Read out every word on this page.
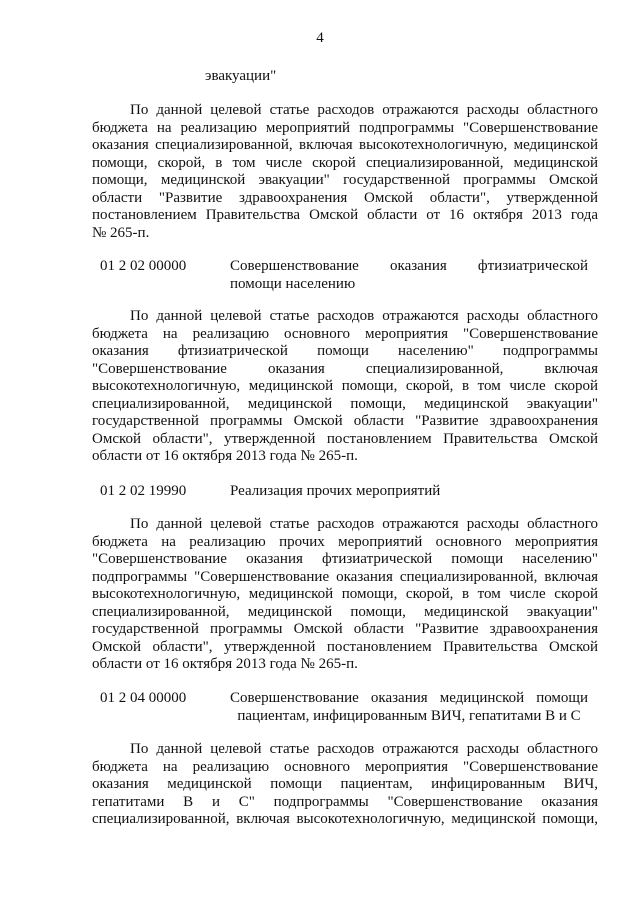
4
эвакуации"
По данной целевой статье расходов отражаются расходы областного
бюджета на реализацию мероприятий подпрограммы "Совершенствование
оказания специализированной, включая высокотехнологичную, медицинской
помощи, скорой, в том числе скорой специализированной, медицинской
помощи, медицинской эвакуации" государственной программы Омской
области "Развитие здравоохранения Омской области", утвержденной
постановлением Правительства Омской области от 16 октября 2013 года
№ 265-п.
01 2 02 00000	Совершенствование оказания фтизиатрической
помощи населению
По данной целевой статье расходов отражаются расходы областного
бюджета на реализацию основного мероприятия "Совершенствование
оказания фтизиатрической помощи населению" подпрограммы
"Совершенствование оказания специализированной, включая
высокотехнологичную, медицинской помощи, скорой, в том числе скорой
специализированной, медицинской помощи, медицинской эвакуации"
государственной программы Омской области "Развитие здравоохранения
Омской области", утвержденной постановлением Правительства Омской
области от 16 октября 2013 года № 265-п.
01 2 02 19990	Реализация прочих мероприятий
По данной целевой статье расходов отражаются расходы областного
бюджета на реализацию прочих мероприятий основного мероприятия
"Совершенствование оказания фтизиатрической помощи населению"
подпрограммы "Совершенствование оказания специализированной, включая
высокотехнологичную, медицинской помощи, скорой, в том числе скорой
специализированной, медицинской помощи, медицинской эвакуации"
государственной программы Омской области "Развитие здравоохранения
Омской области", утвержденной постановлением Правительства Омской
области от 16 октября 2013 года № 265-п.
01 2 04 00000	Совершенствование оказания медицинской помощи
пациентам, инфицированным ВИЧ, гепатитами В и С
По данной целевой статье расходов отражаются расходы областного
бюджета на реализацию основного мероприятия "Совершенствование
оказания медицинской помощи пациентам, инфицированным ВИЧ,
гепатитами В и С" подпрограммы "Совершенствование оказания
специализированной, включая высокотехнологичную, медицинской помощи,
